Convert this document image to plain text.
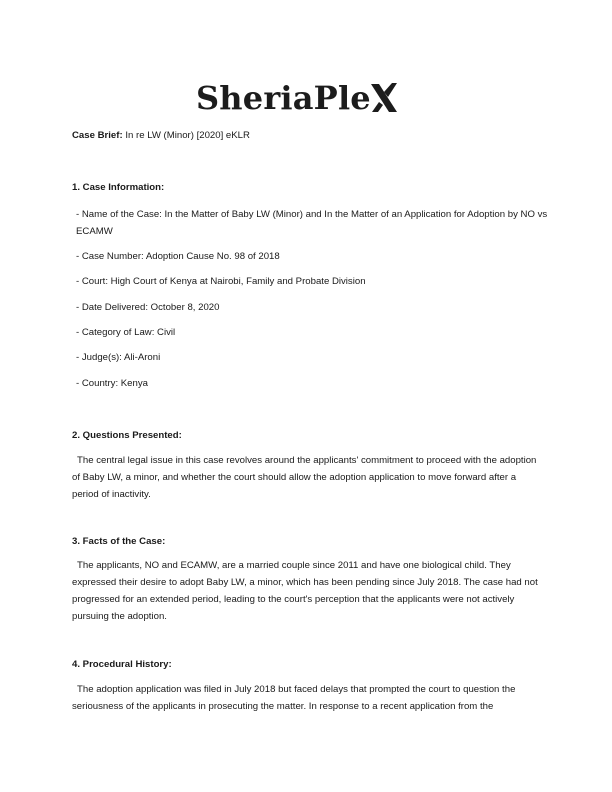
SheriaPle
Case Brief: In re LW (Minor) [2020] eKLR
1. Case Information:
- Name of the Case: In the Matter of Baby LW (Minor) and In the Matter of an Application for Adoption by NO vs ECAMW
- Case Number: Adoption Cause No. 98 of 2018
- Court: High Court of Kenya at Nairobi, Family and Probate Division
- Date Delivered: October 8, 2020
- Category of Law: Civil
- Judge(s): Ali-Aroni
- Country: Kenya
2. Questions Presented:
The central legal issue in this case revolves around the applicants' commitment to proceed with the adoption of Baby LW, a minor, and whether the court should allow the adoption application to move forward after a period of inactivity.
3. Facts of the Case:
The applicants, NO and ECAMW, are a married couple since 2011 and have one biological child. They expressed their desire to adopt Baby LW, a minor, which has been pending since July 2018. The case had not progressed for an extended period, leading to the court's perception that the applicants were not actively pursuing the adoption.
4. Procedural History:
The adoption application was filed in July 2018 but faced delays that prompted the court to question the seriousness of the applicants in prosecuting the matter. In response to a recent application from the
